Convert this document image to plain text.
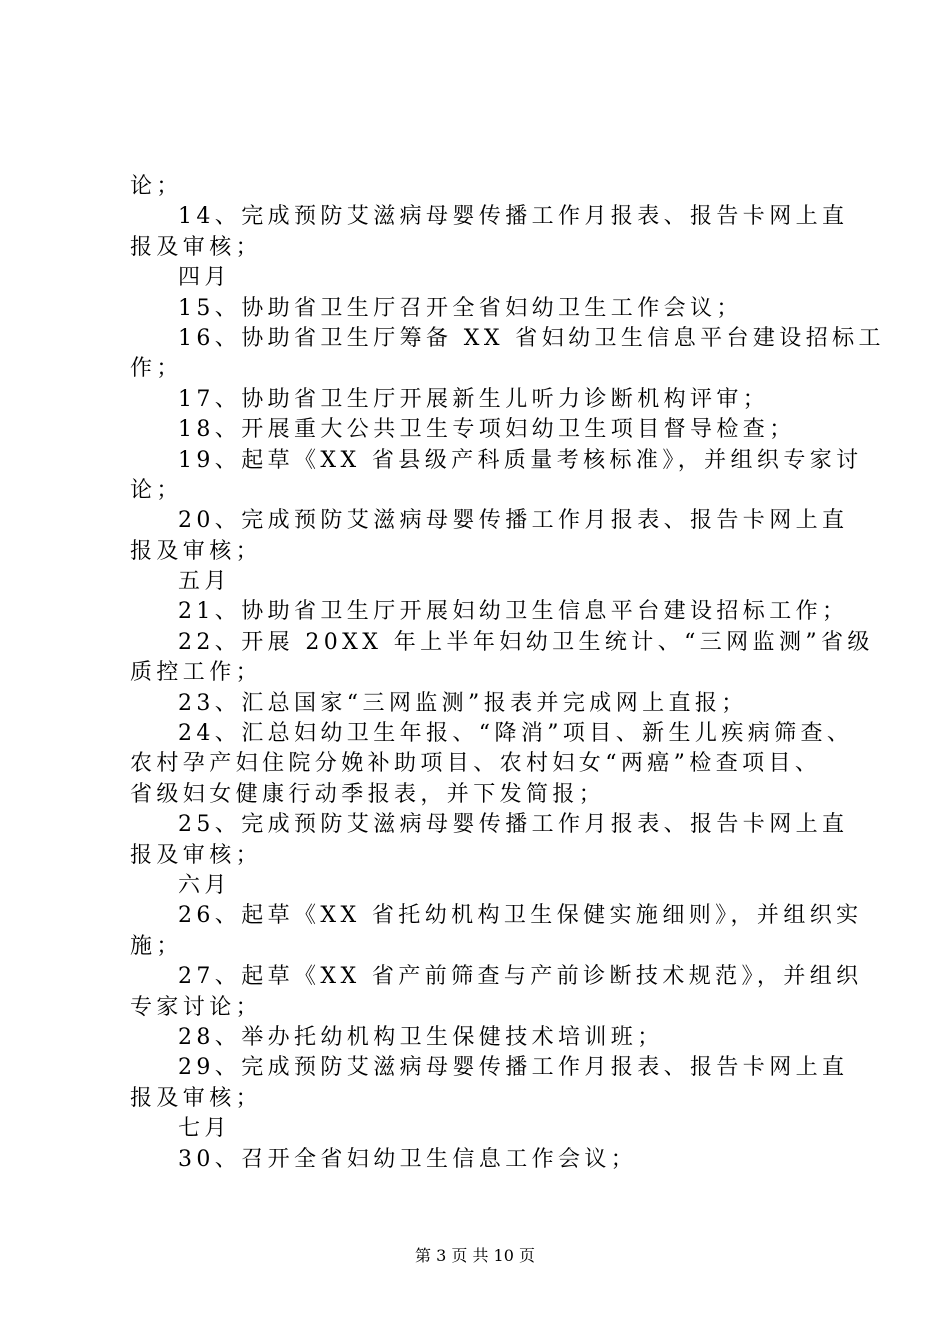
论；
14、完成预防艾滋病母婴传播工作月报表、报告卡网上直
报及审核；
四月
15、协助省卫生厅召开全省妇幼卫生工作会议；
16、协助省卫生厅筹备 XX 省妇幼卫生信息平台建设招标工
作；
17、协助省卫生厅开展新生儿听力诊断机构评审；
18、开展重大公共卫生专项妇幼卫生项目督导检查；
19、起草《XX 省县级产科质量考核标准》，并组织专家讨
论；
20、完成预防艾滋病母婴传播工作月报表、报告卡网上直
报及审核；
五月
21、协助省卫生厅开展妇幼卫生信息平台建设招标工作；
22、开展 20XX 年上半年妇幼卫生统计、“三网监测”省级
质控工作；
23、汇总国家“三网监测”报表并完成网上直报；
24、汇总妇幼卫生年报、“降消”项目、新生儿疾病筛查、
农村孕产妇住院分娩补助项目、农村妇女“两癌”检查项目、
省级妇女健康行动季报表，并下发简报；
25、完成预防艾滋病母婴传播工作月报表、报告卡网上直
报及审核；
六月
26、起草《XX 省托幼机构卫生保健实施细则》，并组织实
施；
27、起草《XX 省产前筛查与产前诊断技术规范》，并组织
专家讨论；
28、举办托幼机构卫生保健技术培训班；
29、完成预防艾滋病母婴传播工作月报表、报告卡网上直
报及审核；
七月
30、召开全省妇幼卫生信息工作会议；
第 3 页 共 10 页
